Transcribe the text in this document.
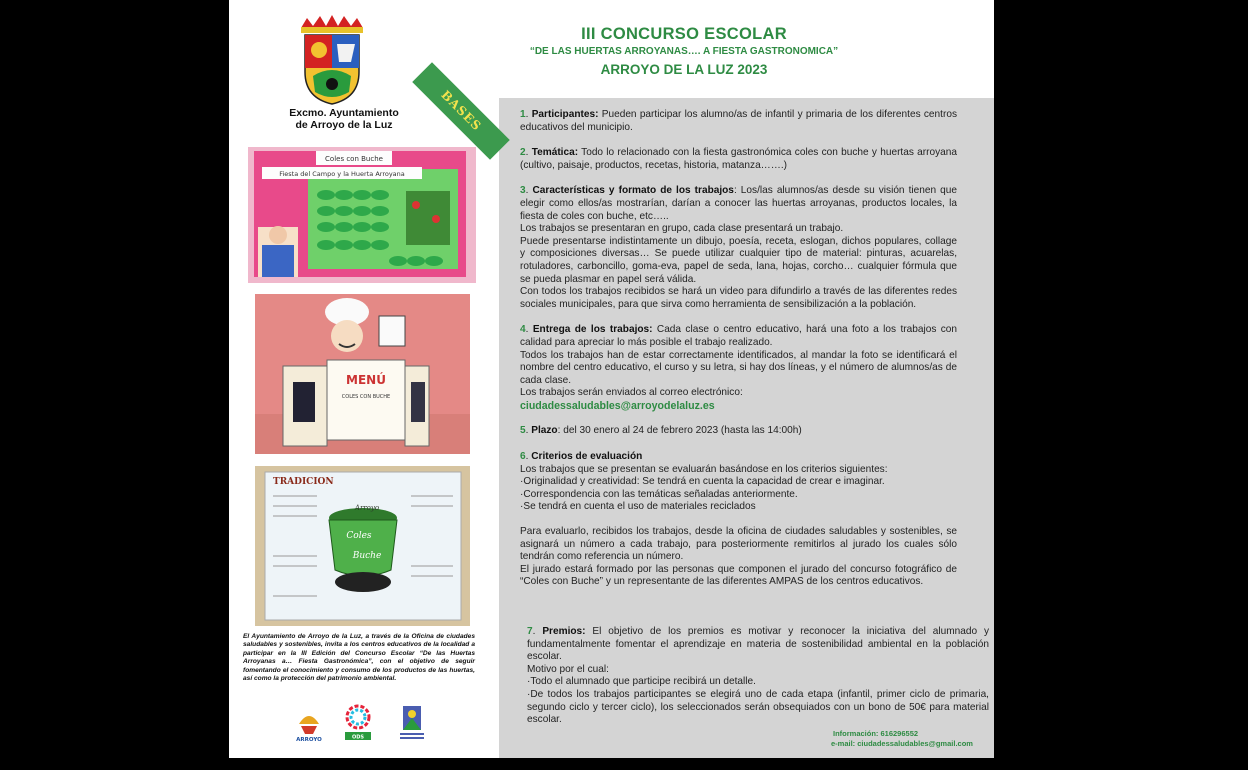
Excmo. Ayuntamiento
de Arroyo de la Luz
Coles con Buche
Fiesta del Campo y la Huerta Arroyana
MENÚ
COLES CON BUCHE
TRADICION
Coles
Buche
Arroyo
El Ayuntamiento de Arroyo de la Luz, a través de la Oficina de ciudades saludables y sostenibles, invita a los centros educativos de la localidad a participar en la III Edición del Concurso Escolar “De las Huertas Arroyanas a… Fiesta Gastronómica”, con el objetivo de seguir fomentando el conocimiento y consumo de los productos de las huertas, así como la protección del patrimonio ambiental.
ARROYO	ODS
III CONCURSO ESCOLAR
“DE LAS HUERTAS ARROYANAS…. A FIESTA GASTRONOMICA”
ARROYO DE LA LUZ 2023
BASES	1. Participantes: Pueden participar los alumno/as de infantil y primaria de los diferentes centros educativos del municipio.
2. Temática: Todo lo relacionado con la fiesta gastronómica coles con buche y huertas arroyana (cultivo, paisaje, productos, recetas, historia, matanza…….)
3. Características y formato de los trabajos: Los/las alumnos/as desde su visión tienen que elegir como ellos/as mostrarían, darían a conocer las huertas arroyanas, productos locales, la fiesta de coles con buche, etc…..

Los trabajos se presentaran en grupo, cada clase presentará un trabajo.

Puede presentarse indistintamente un dibujo, poesía, receta, eslogan, dichos populares, collage y composiciones diversas… Se puede utilizar cualquier tipo de material: pinturas, acuarelas, rotuladores, carboncillo, goma-eva, papel de seda, lana, hojas, corcho… cualquier fórmula que se pueda plasmar en papel será válida.

Con todos los trabajos recibidos se hará un video para difundirlo a través de las diferentes redes sociales municipales, para que sirva como herramienta de sensibilización a la población.

4. Entrega de los trabajos: Cada clase o centro educativo, hará una foto a los trabajos con calidad para apreciar lo más posible el trabajo realizado.

Todos los trabajos han de estar correctamente identificados, al mandar la foto se identificará el nombre del centro educativo, el curso y su letra, si hay dos líneas, y el número de alumnos/as de cada clase.

Los trabajos serán enviados al correo electrónico:

ciudadessaludables@arroyodelaluz.es

5. Plazo: del 30 enero al 24 de febrero 2023 (hasta las 14:00h)
6. Criterios de evaluación

Los trabajos que se presentan se evaluarán basándose en los criterios siguientes:

·Originalidad y creatividad: Se tendrá en cuenta la capacidad de crear e imaginar.

·Correspondencia con las temáticas señaladas anteriormente.

·Se tendrá en cuenta el uso de materiales reciclados

Para evaluarlo, recibidos los trabajos, desde la oficina de ciudades saludables y sostenibles, se asignará un número a cada trabajo, para posteriormente remitirlos al jurado los cuales sólo tendrán como referencia un número.

El jurado estará formado por las personas que componen el jurado del concurso fotográfico de “Coles con Buche” y un representante de las diferentes AMPAS de los centros educativos.

7. Premios: El objetivo de los premios es motivar y reconocer la iniciativa del alumnado y fundamentalmente fomentar el aprendizaje en materia de sostenibilidad ambiental en la población escolar.

Motivo por el cual:

·Todo el alumnado que participe recibirá un detalle.

·De todos los trabajos participantes se elegirá uno de cada etapa (infantil, primer ciclo de primaria, segundo ciclo y tercer ciclo), los seleccionados serán obsequiados con un bono de 50€ para material escolar.

Información: 616296552
e-mail: ciudadessaludables@gmail.com
